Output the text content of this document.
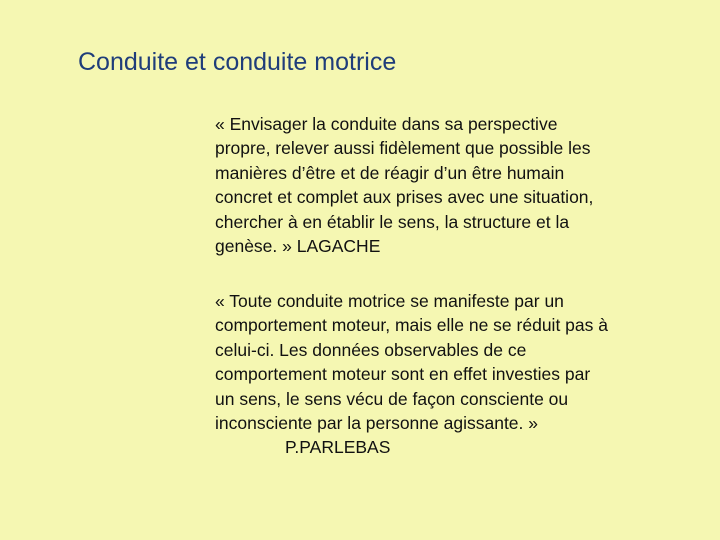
Conduite et conduite motrice
« Envisager la conduite dans sa perspective
propre, relever aussi fidèlement que possible les
manières d’être et de réagir d’un être humain
concret et complet aux prises avec une situation,
chercher à en établir le sens, la structure et la
genèse. » LAGACHE
« Toute conduite motrice se manifeste par un
comportement moteur, mais elle ne se réduit pas à
celui-ci. Les données observables de ce
comportement moteur sont en effet investies par
un sens, le sens vécu de façon consciente ou
inconsciente par la personne agissante. »
P.PARLEBAS
